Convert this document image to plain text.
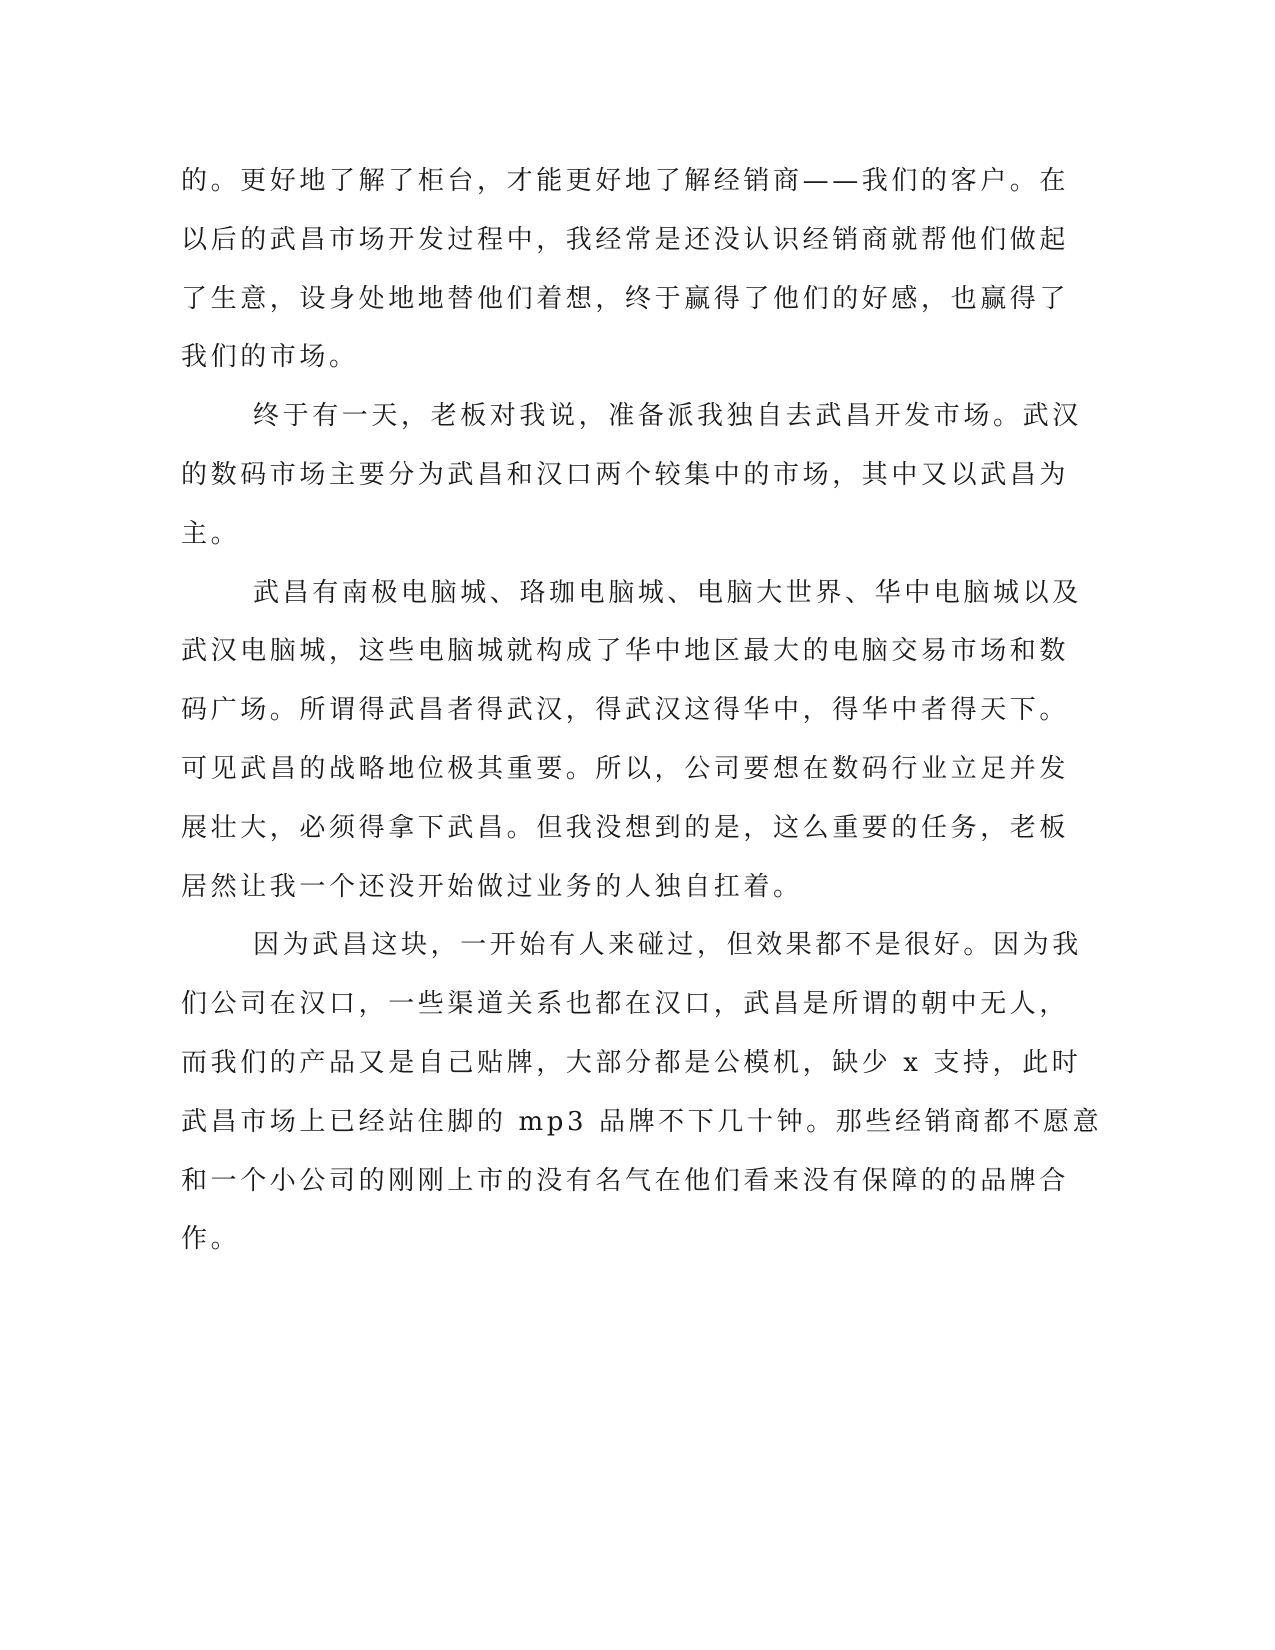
的。更好地了解了柜台，才能更好地了解经销商——我们的客户。在
以后的武昌市场开发过程中，我经常是还没认识经销商就帮他们做起
了生意，设身处地地替他们着想，终于赢得了他们的好感，也赢得了
我们的市场。
终于有一天，老板对我说，准备派我独自去武昌开发市场。武汉
的数码市场主要分为武昌和汉口两个较集中的市场，其中又以武昌为
主。
武昌有南极电脑城、珞珈电脑城、电脑大世界、华中电脑城以及
武汉电脑城，这些电脑城就构成了华中地区最大的电脑交易市场和数
码广场。所谓得武昌者得武汉，得武汉这得华中，得华中者得天下。
可见武昌的战略地位极其重要。所以，公司要想在数码行业立足并发
展壮大，必须得拿下武昌。但我没想到的是，这么重要的任务，老板
居然让我一个还没开始做过业务的人独自扛着。
因为武昌这块，一开始有人来碰过，但效果都不是很好。因为我
们公司在汉口，一些渠道关系也都在汉口，武昌是所谓的朝中无人，
而我们的产品又是自己贴牌，大部分都是公模机，缺少 x 支持，此时
武昌市场上已经站住脚的 mp3 品牌不下几十钟。那些经销商都不愿意
和一个小公司的刚刚上市的没有名气在他们看来没有保障的的品牌合
作。
